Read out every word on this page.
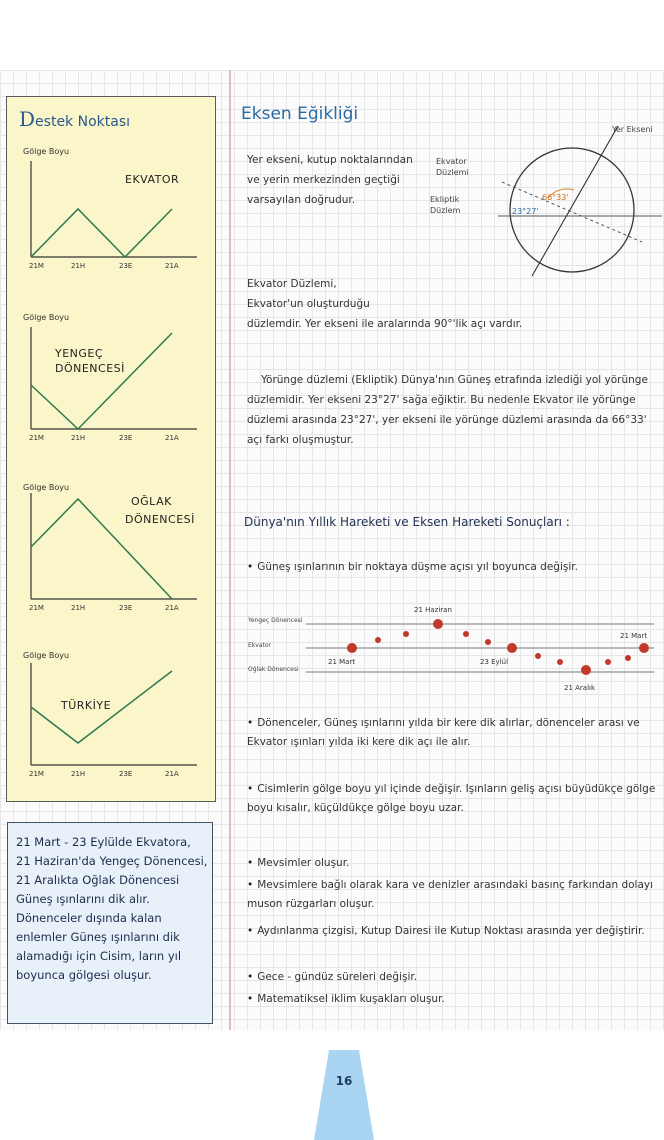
Destek Noktası
Gölge Boyu
EKVATOR
21M	21H	23E	21A
Gölge Boyu
YENGEÇ
DÖNENCESİ
21M	21H	23E	21A
Gölge Boyu
OĞLAK
DÖNENCESİ
21M	21H	23E	21A
Gölge Boyu
TÜRKİYE
21M	21H	23E	21A
21 Mart - 23 Eylülde Ekvatora, 21 Haziran'da Yengeç Dönencesi, 21 Aralıkta Oğlak Dönencesi Güneş ışınlarını dik alır. Dönenceler dışında kalan enlemler Güneş ışınlarını dik alamadığı için Cisim, ların yıl boyunca gölgesi oluşur.
Eksen Eğikliği
Yer ekseni, kutup noktalarından ve yerin merkezinden geçtiği varsayılan doğrudur.
Ekvator Düzlemi
Ekliptik Düzlem
Yer Ekseni
66°33'
23°27'
Ekvator Düzlemi,
Ekvator'un oluşturduğu
düzlemdir. Yer ekseni ile aralarında 90°'lik açı vardır.
Yörünge düzlemi (Ekliptik) Dünya'nın Güneş etrafında izlediği yol yörünge düzlemidir. Yer ekseni 23°27' sağa eğiktir. Bu nedenle Ekvator ile yörünge düzlemi arasında 23°27', yer ekseni ile yörünge düzlemi arasında da 66°33' açı farkı oluşmuştur.
Dünya'nın Yıllık Hareketi ve Eksen Hareketi Sonuçları :
• Güneş ışınlarının bir noktaya düşme açısı yıl boyunca değişir.
Yengeç Dönencesi
Ekvator
Oğlak Dönencesi
21 Haziran
21 Mart	23 Eylül
21 Aralık
21 Mart
• Dönenceler, Güneş ışınlarını yılda bir kere dik alırlar, dönenceler arası ve Ekvator ışınları yılda iki kere dik açı ile alır.
• Cisimlerin gölge boyu yıl içinde değişir. Işınların geliş açısı büyüdükçe gölge boyu kısalır, küçüldükçe gölge boyu uzar.
• Mevsimler oluşur.
• Mevsimlere bağlı olarak kara ve denizler arasındaki basınç farkından dolayı muson rüzgarları oluşur.
• Aydınlanma çizgisi, Kutup Dairesi ile Kutup Noktası arasında yer değiştirir.
• Gece - gündüz süreleri değişir.
• Matematiksel iklim kuşakları oluşur.
16
